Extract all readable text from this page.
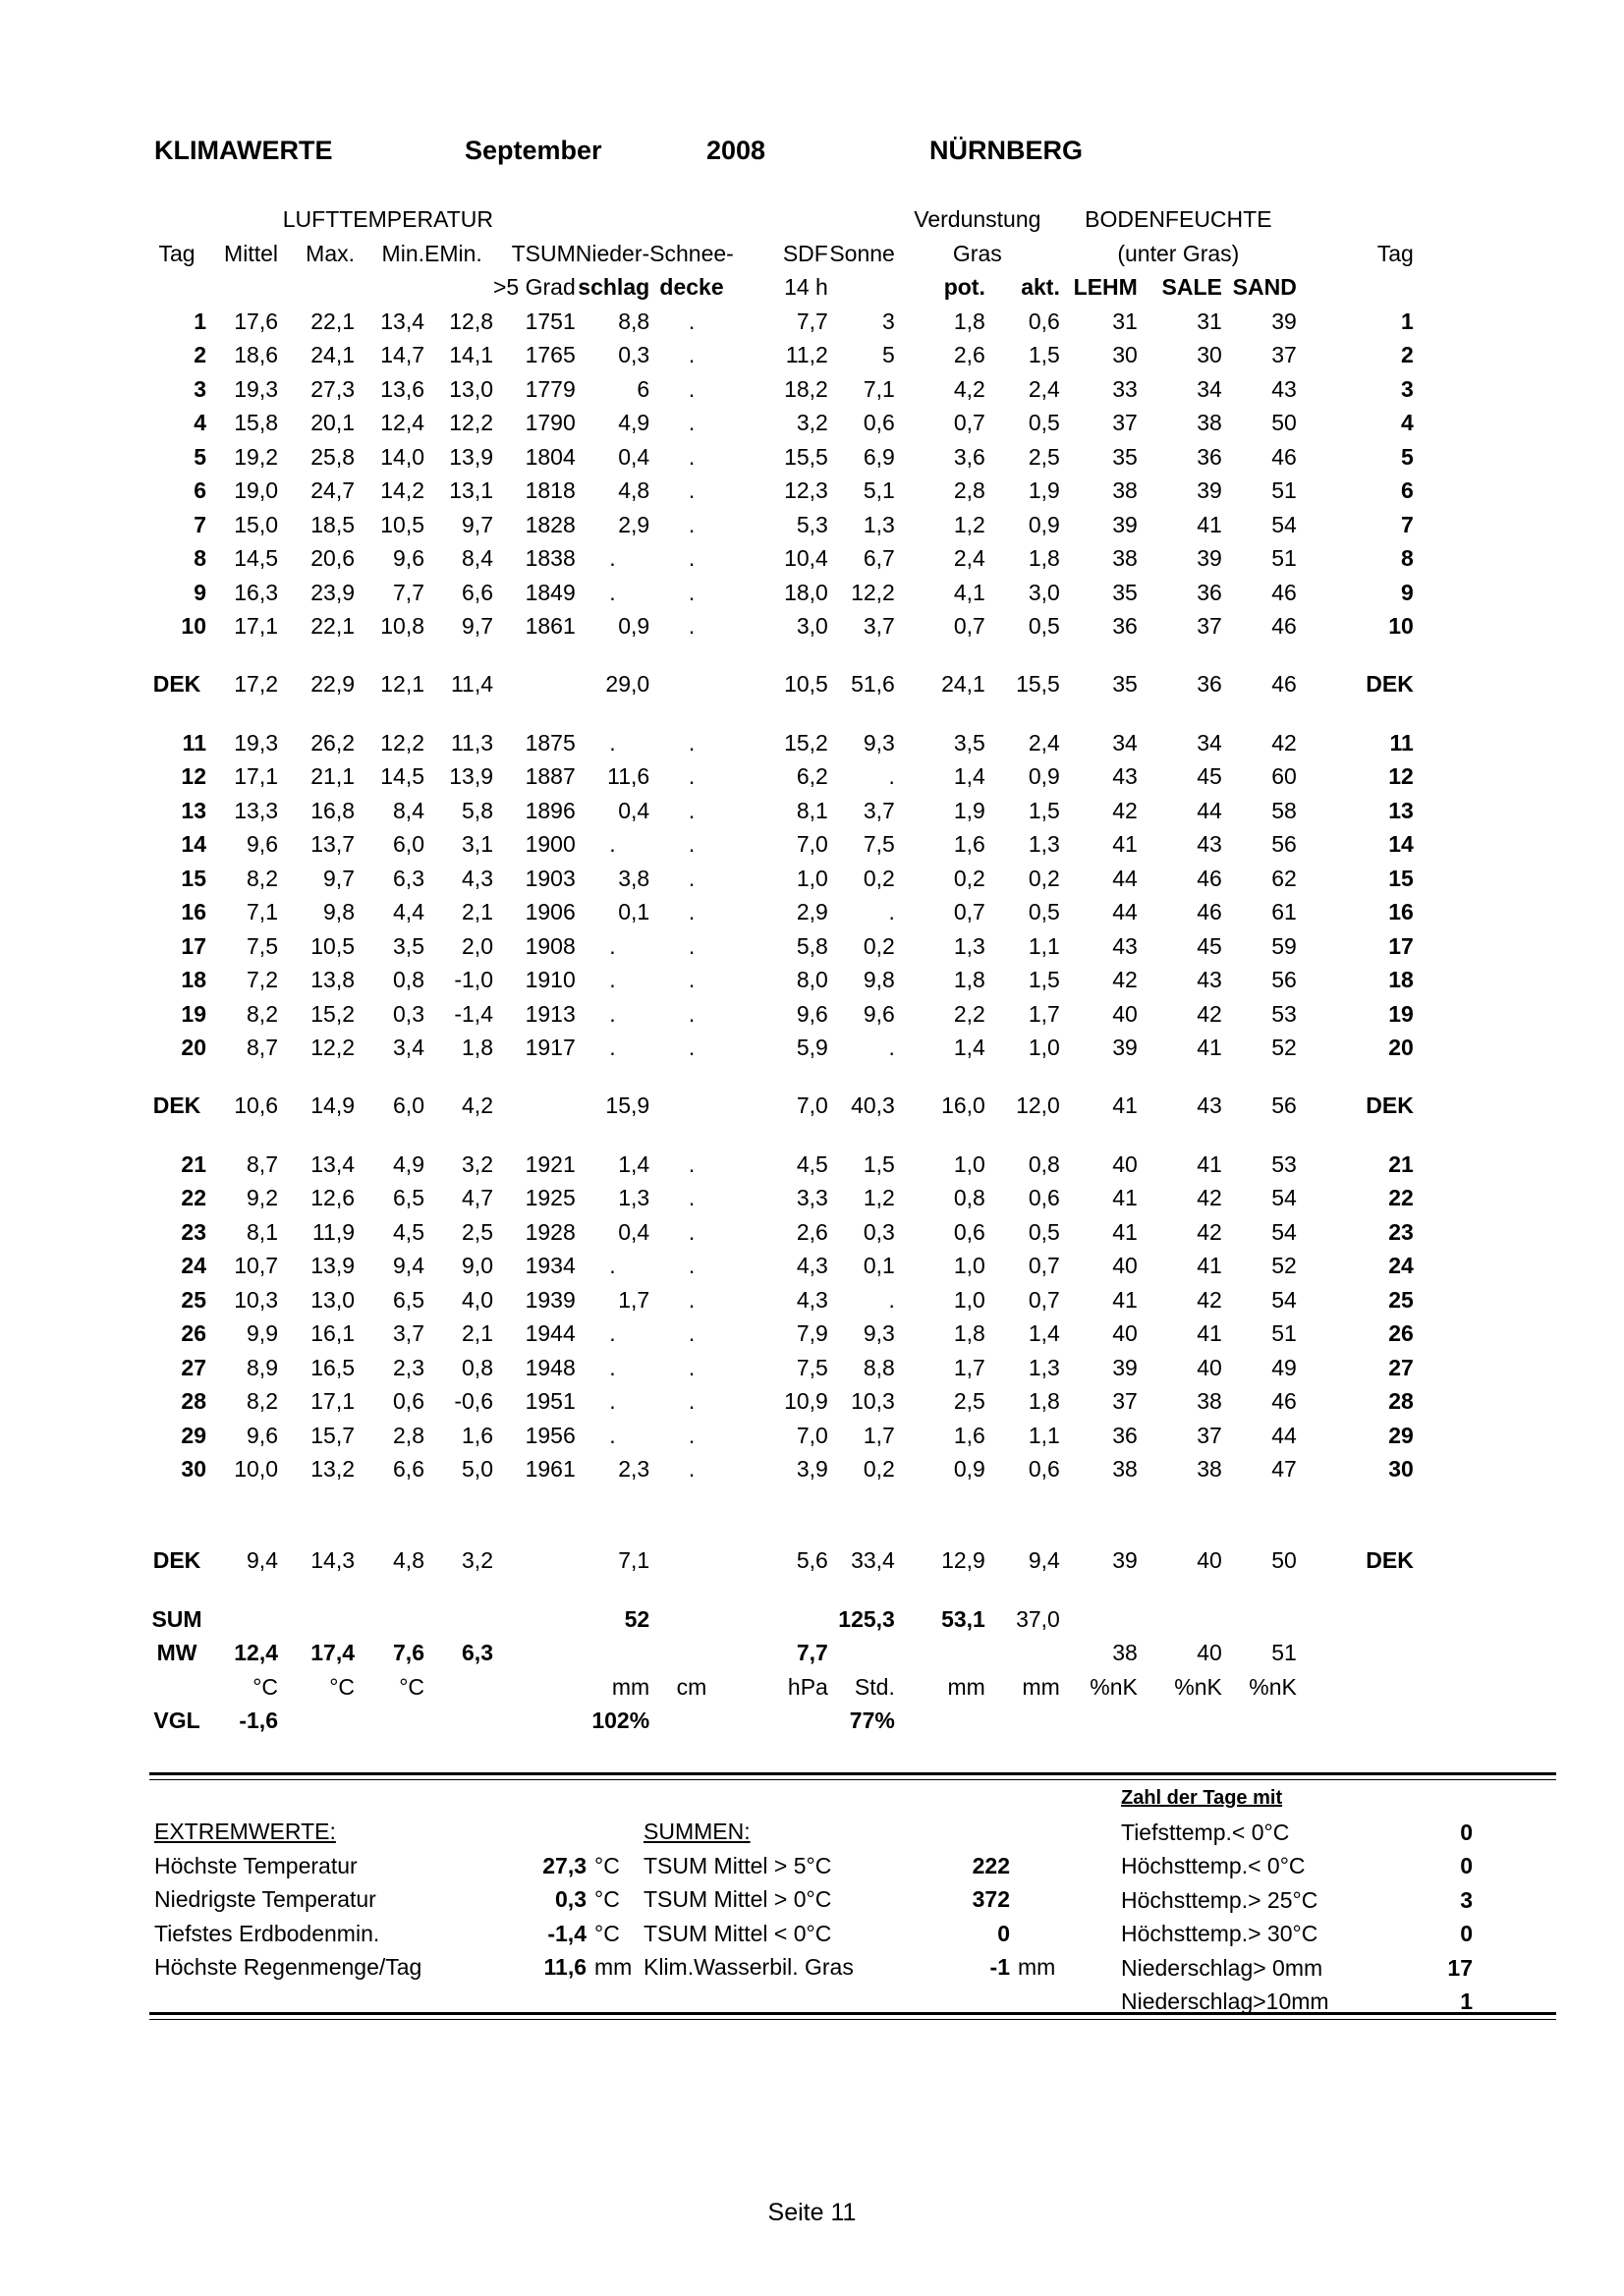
KLIMAWERTE	September	2008	NÜRNBERG
	LUFTTEMPERATUR									Verdunstung		BODENFEUCHTE			
Tag	Mittel	Max.	Min.	EMin.	TSUM	Nieder-	Schnee-	SDF	Sonne	Gras		(unter Gras)			Tag
					>5 Grad	schlag	decke	14 h		pot.	akt.	LEHM	SALE	SAND	
1	17,6	22,1	13,4	12,8	1751	8,8	.	7,7	3	1,8	0,6	31	31	39	1
2	18,6	24,1	14,7	14,1	1765	0,3	.	11,2	5	2,6	1,5	30	30	37	2
3	19,3	27,3	13,6	13,0	1779	6	.	18,2	7,1	4,2	2,4	33	34	43	3
4	15,8	20,1	12,4	12,2	1790	4,9	.	3,2	0,6	0,7	0,5	37	38	50	4
5	19,2	25,8	14,0	13,9	1804	0,4	.	15,5	6,9	3,6	2,5	35	36	46	5
6	19,0	24,7	14,2	13,1	1818	4,8	.	12,3	5,1	2,8	1,9	38	39	51	6
7	15,0	18,5	10,5	9,7	1828	2,9	.	5,3	1,3	1,2	0,9	39	41	54	7
8	14,5	20,6	9,6	8,4	1838	.	.	10,4	6,7	2,4	1,8	38	39	51	8
9	16,3	23,9	7,7	6,6	1849	.	.	18,0	12,2	4,1	3,0	35	36	46	9
10	17,1	22,1	10,8	9,7	1861	0,9	.	3,0	3,7	0,7	0,5	36	37	46	10

DEK	17,2	22,9	12,1	11,4		29,0		10,5	51,6	24,1	15,5	35	36	46	DEK

11	19,3	26,2	12,2	11,3	1875	.	.	15,2	9,3	3,5	2,4	34	34	42	11
12	17,1	21,1	14,5	13,9	1887	11,6	.	6,2	.	1,4	0,9	43	45	60	12
13	13,3	16,8	8,4	5,8	1896	0,4	.	8,1	3,7	1,9	1,5	42	44	58	13
14	9,6	13,7	6,0	3,1	1900	.	.	7,0	7,5	1,6	1,3	41	43	56	14
15	8,2	9,7	6,3	4,3	1903	3,8	.	1,0	0,2	0,2	0,2	44	46	62	15
16	7,1	9,8	4,4	2,1	1906	0,1	.	2,9	.	0,7	0,5	44	46	61	16
17	7,5	10,5	3,5	2,0	1908	.	.	5,8	0,2	1,3	1,1	43	45	59	17
18	7,2	13,8	0,8	-1,0	1910	.	.	8,0	9,8	1,8	1,5	42	43	56	18
19	8,2	15,2	0,3	-1,4	1913	.	.	9,6	9,6	2,2	1,7	40	42	53	19
20	8,7	12,2	3,4	1,8	1917	.	.	5,9	.	1,4	1,0	39	41	52	20

DEK	10,6	14,9	6,0	4,2		15,9		7,0	40,3	16,0	12,0	41	43	56	DEK

21	8,7	13,4	4,9	3,2	1921	1,4	.	4,5	1,5	1,0	0,8	40	41	53	21
22	9,2	12,6	6,5	4,7	1925	1,3	.	3,3	1,2	0,8	0,6	41	42	54	22
23	8,1	11,9	4,5	2,5	1928	0,4	.	2,6	0,3	0,6	0,5	41	42	54	23
24	10,7	13,9	9,4	9,0	1934	.	.	4,3	0,1	1,0	0,7	40	41	52	24
25	10,3	13,0	6,5	4,0	1939	1,7	.	4,3	.	1,0	0,7	41	42	54	25
26	9,9	16,1	3,7	2,1	1944	.	.	7,9	9,3	1,8	1,4	40	41	51	26
27	8,9	16,5	2,3	0,8	1948	.	.	7,5	8,8	1,7	1,3	39	40	49	27
28	8,2	17,1	0,6	-0,6	1951	.	.	10,9	10,3	2,5	1,8	37	38	46	28
29	9,6	15,7	2,8	1,6	1956	.	.	7,0	1,7	1,6	1,1	36	37	44	29
30	10,0	13,2	6,6	5,0	1961	2,3	.	3,9	0,2	0,9	0,6	38	38	47	30

DEK	9,4	14,3	4,8	3,2		7,1		5,6	33,4	12,9	9,4	39	40	50	DEK

SUM						52			125,3	53,1	37,0				
MW	12,4	17,4	7,6	6,3				7,7				38	40	51	
	°C	°C	°C			mm	cm	hPa	Std.	mm	mm	%nK	%nK	%nK	
VGL	-1,6					102%			77%						
EXTREMWERTE:
Höchste Temperatur	27,3 °C
Niedrigste Temperatur	0,3 °C
Tiefstes Erdbodenmin.	-1,4 °C
Höchste Regenmenge/Tag	11,6 mm
SUMMEN:
TSUM Mittel > 5°C	222
TSUM Mittel > 0°C	372
TSUM Mittel < 0°C	0
Klim.Wasserbil. Gras	-1 mm
Zahl der Tage mit
Tiefsttemp.< 0°C	0
Höchsttemp.< 0°C	0
Höchsttemp.> 25°C	3
Höchsttemp.> 30°C	0
Niederschlag> 0mm	17
Niederschlag>10mm	1
Seite 11
